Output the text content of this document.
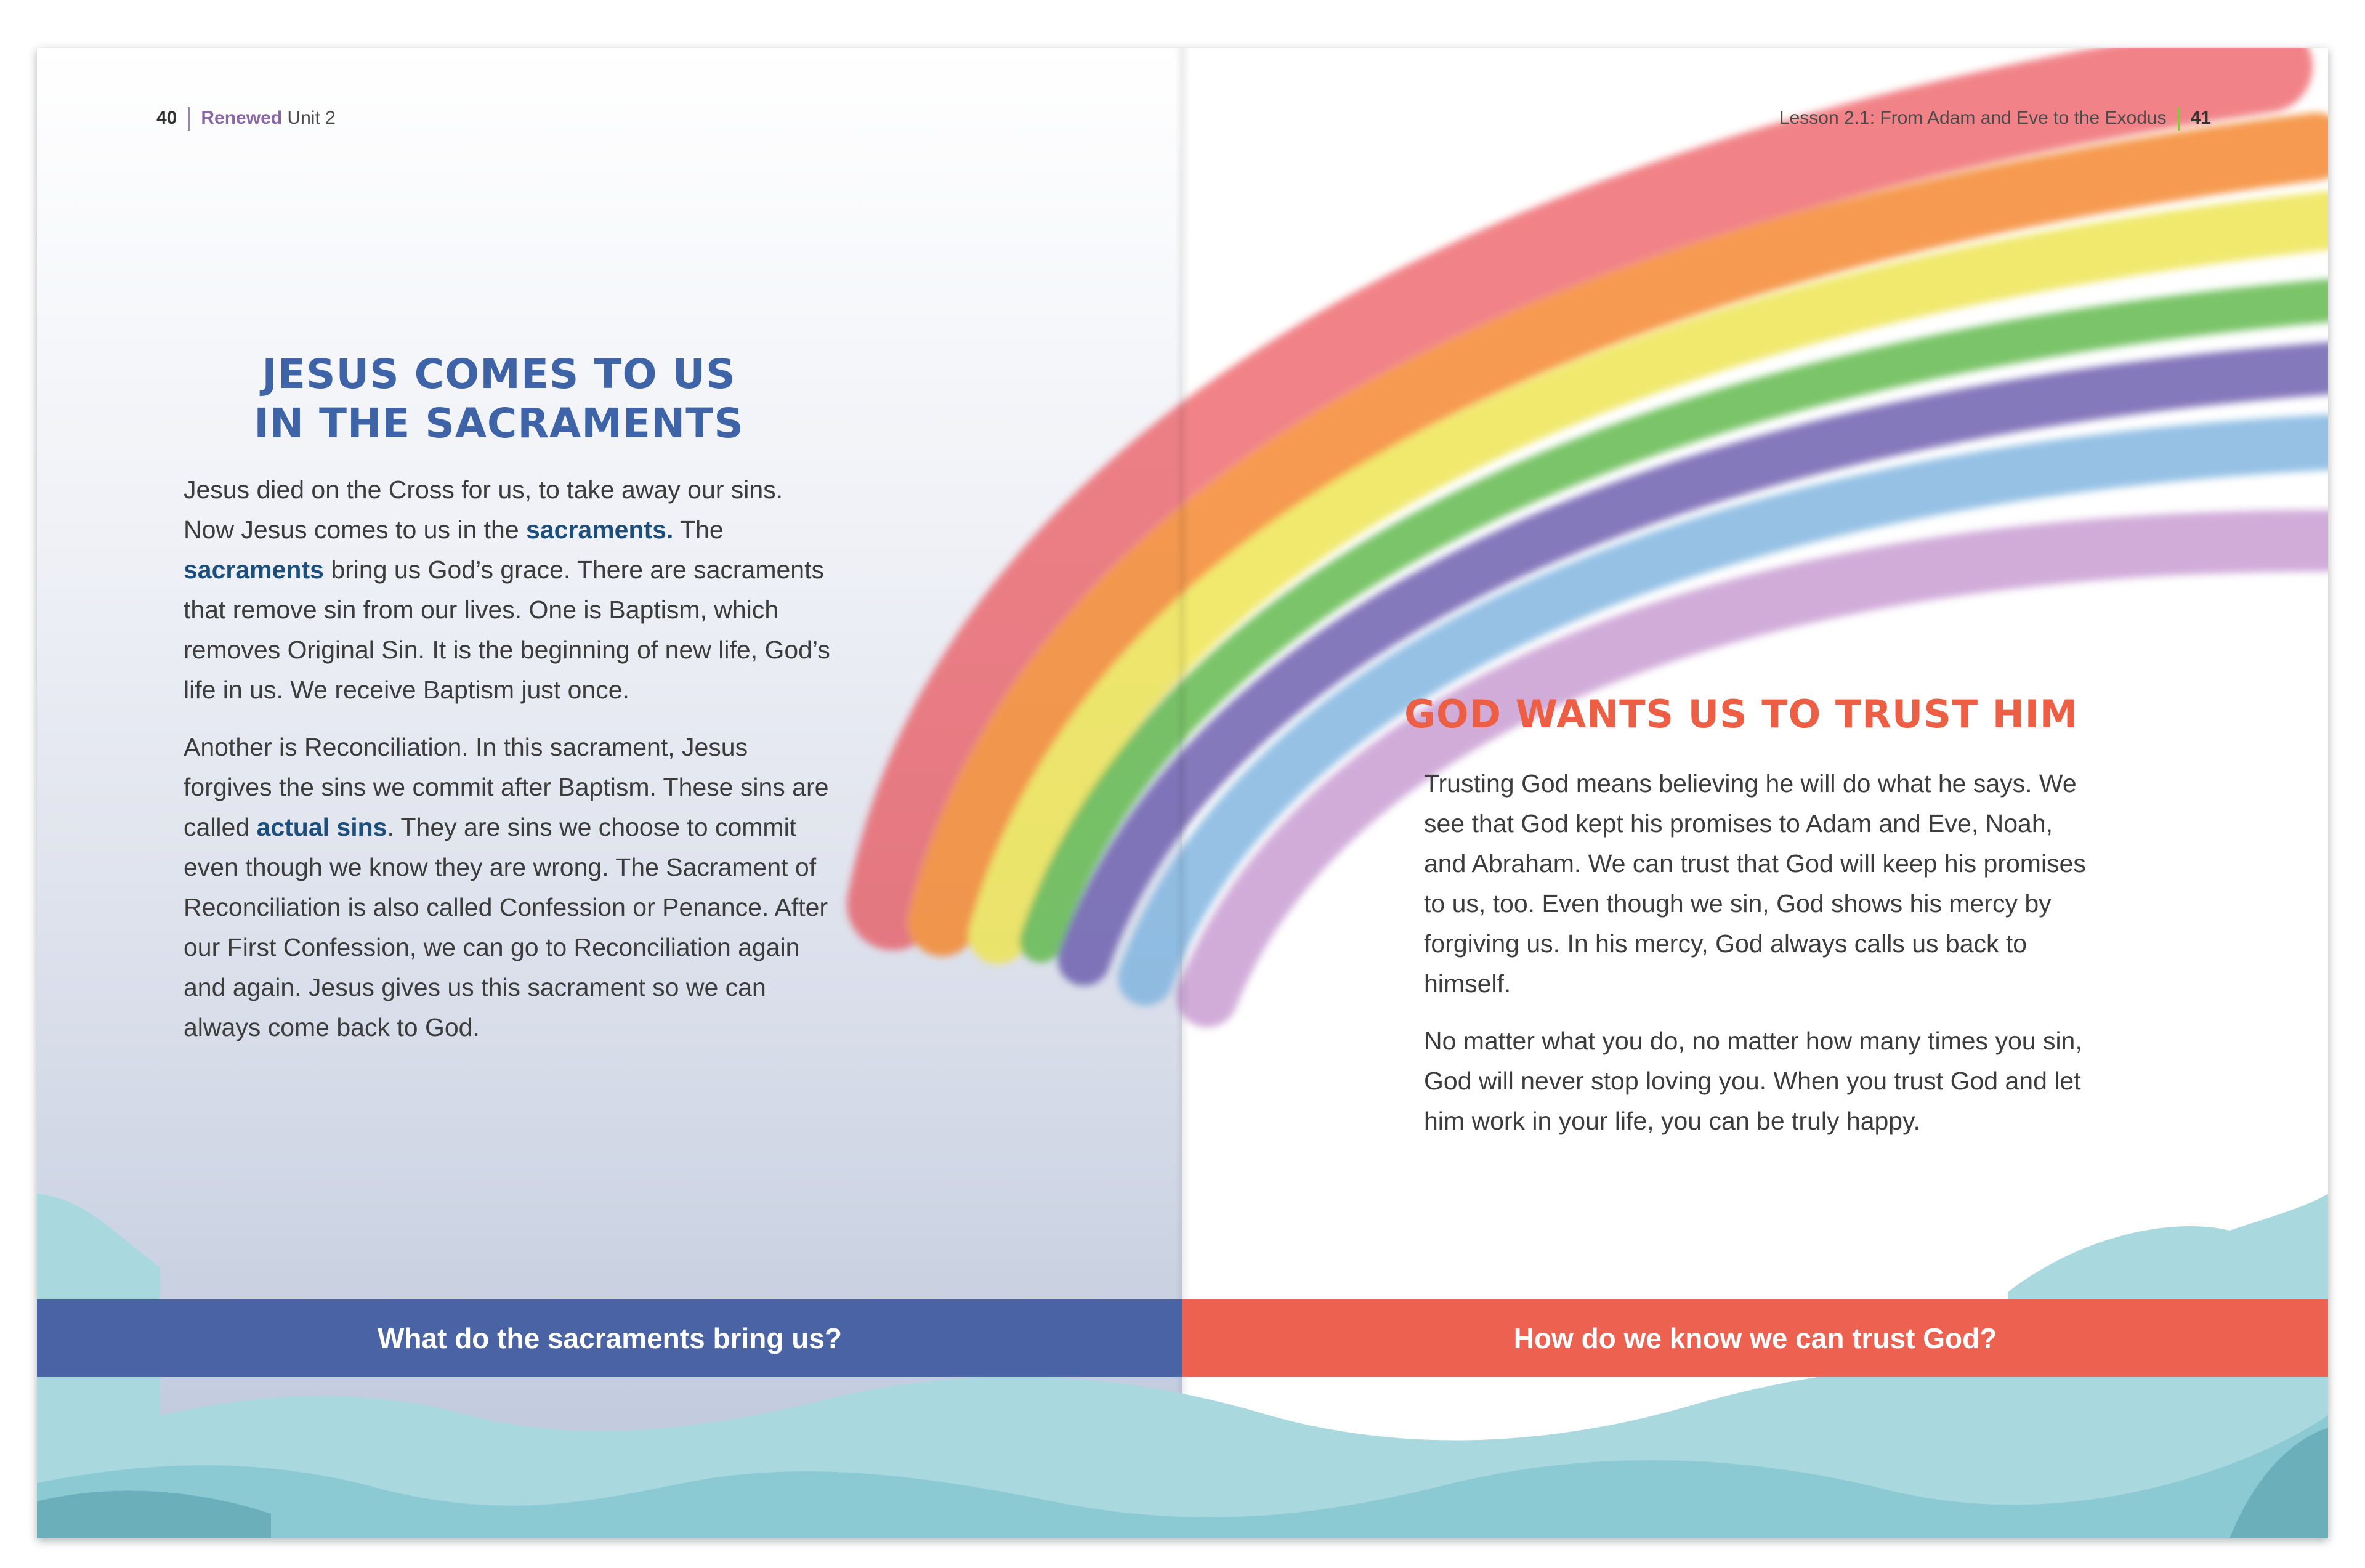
40 Renewed Unit 2	Lesson 2.1: From Adam and Eve to the Exodus 41
JESUS COMES TO US
IN THE SACRAMENTS

Jesus died on the Cross for us, to take away our sins. Now Jesus comes to us in the sacraments. The sacraments bring us God’s grace. There are sacraments that remove sin from our lives. One is Baptism, which removes Original Sin. It is the beginning of new life, God’s life in us. We receive Baptism just once.

Another is Reconciliation. In this sacrament, Jesus forgives the sins we commit after Baptism. These sins are called actual sins. They are sins we choose to commit even though we know they are wrong. The Sacrament of Reconciliation is also called Confession or Penance. After our First Confession, we can go to Reconciliation again and again. Jesus gives us this sacrament so we can always come back to God.

GOD WANTS US TO TRUST HIM

Trusting God means believing he will do what he says. We see that God kept his promises to Adam and Eve, Noah, and Abraham. We can trust that God will keep his promises to us, too. Even though we sin, God shows his mercy by forgiving us. In his mercy, God always calls us back to himself.

No matter what you do, no matter how many times you sin, God will never stop loving you. When you trust God and let him work in your life, you can be truly happy.

What do the sacraments bring us?	How do we know we can trust God?
